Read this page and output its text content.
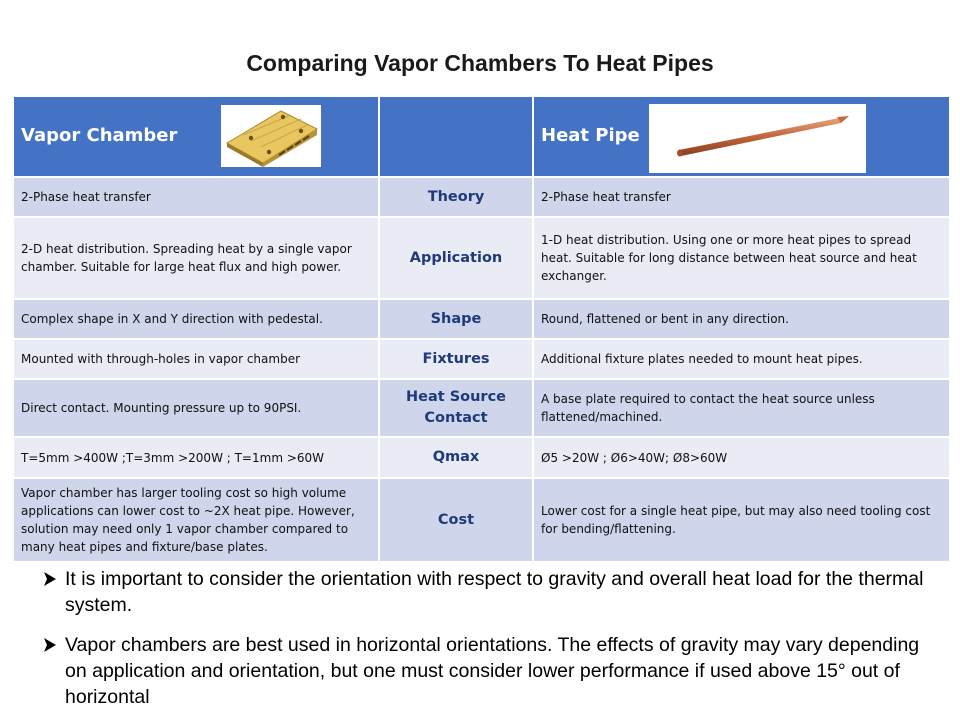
Comparing Vapor Chambers To Heat Pipes
Vapor Chamber		Heat Pipe

2-Phase heat transfer	Theory	2-Phase heat transfer
2-D heat distribution. Spreading heat by a single vapor chamber. Suitable for large heat flux and high power.	Application	1-D heat distribution. Using one or more heat pipes to spread heat. Suitable for long distance between heat source and heat exchanger.
Complex shape in X and Y direction with pedestal.	Shape	Round, flattened or bent in any direction.
Mounted with through-holes in vapor chamber	Fixtures	Additional fixture plates needed to mount heat pipes.
Direct contact. Mounting pressure up to 90PSI.	Heat Source Contact	A base plate required to contact the heat source unless flattened/machined.
T=5mm >400W ;T=3mm >200W ; T=1mm >60W	Qmax	Ø5 >20W ; Ø6>40W; Ø8>60W
Vapor chamber has larger tooling cost so high volume applications can lower cost to ~2X heat pipe. However, solution may need only 1 vapor chamber compared to many heat pipes and fixture/base plates.	Cost	Lower cost for a single heat pipe, but may also need tooling cost for bending/flattening.
It is important to consider the orientation with respect to gravity and overall heat load for the thermal system.
Vapor chambers are best used in horizontal orientations. The effects of gravity may vary depending on application and orientation, but one must consider lower performance if used above 15° out of horizontal
